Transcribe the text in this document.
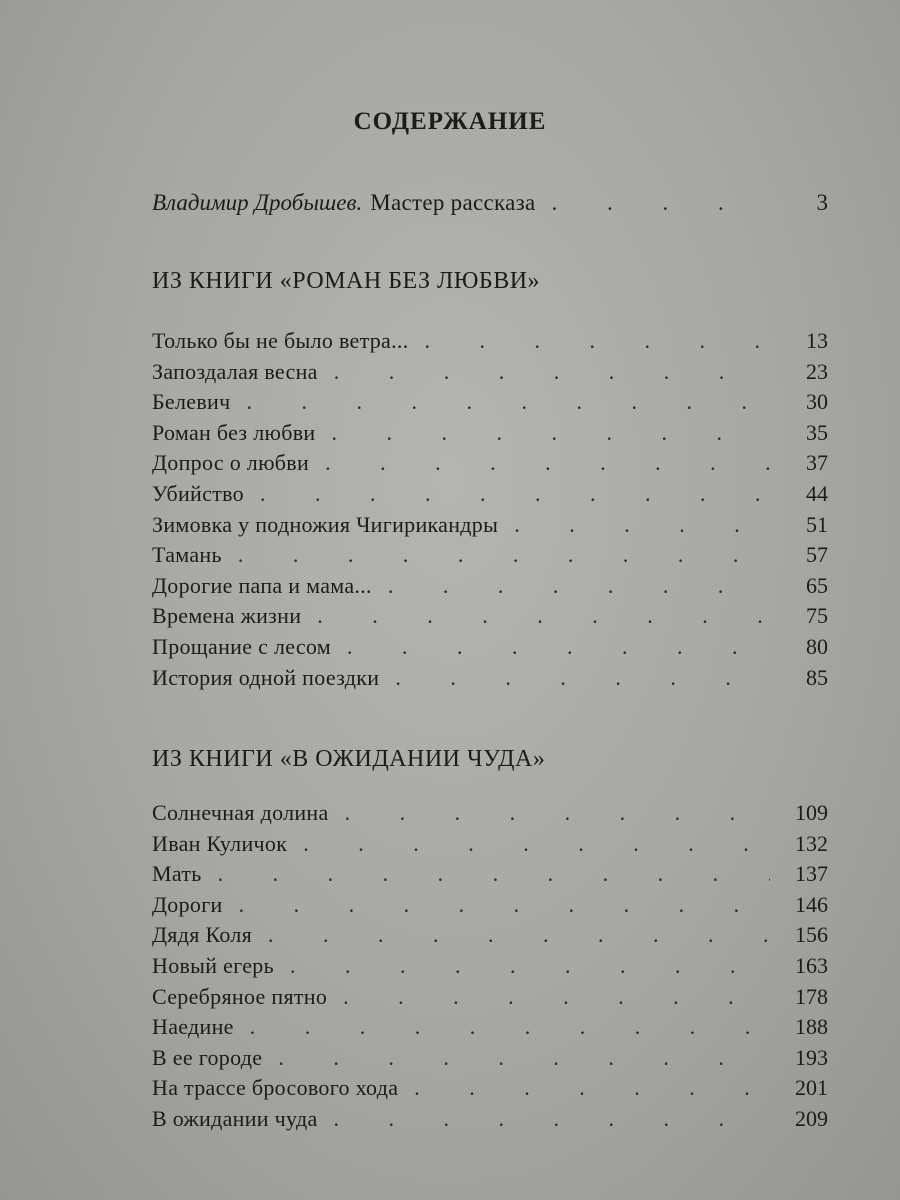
СОДЕРЖАНИЕ
Владимир Дробышев. Мастер рассказа . . .	3
ИЗ КНИГИ «РОМАН БЕЗ ЛЮБВИ»
Только бы не было ветра... . . .	13
Запоздалая весна . . .	23
Белевич . . .	30
Роман без любви . . .	35
Допрос о любви . . .	37
Убийство . . .	44
Зимовка у подножия Чигирикандры . . .	51
Тамань . . .	57
Дорогие папа и мама... . . .	65
Времена жизни . . .	75
Прощание с лесом . . .	80
История одной поездки . . .	85
ИЗ КНИГИ «В ОЖИДАНИИ ЧУДА»
Солнечная долина . . .	109
Иван Куличок . . .	132
Мать . . .	137
Дороги . . .	146
Дядя Коля . . .	156
Новый егерь . . .	163
Серебряное пятно . . .	178
Наедине . . .	188
В ее городе . . .	193
На трассе бросового хода . . .	201
В ожидании чуда . . .	209
